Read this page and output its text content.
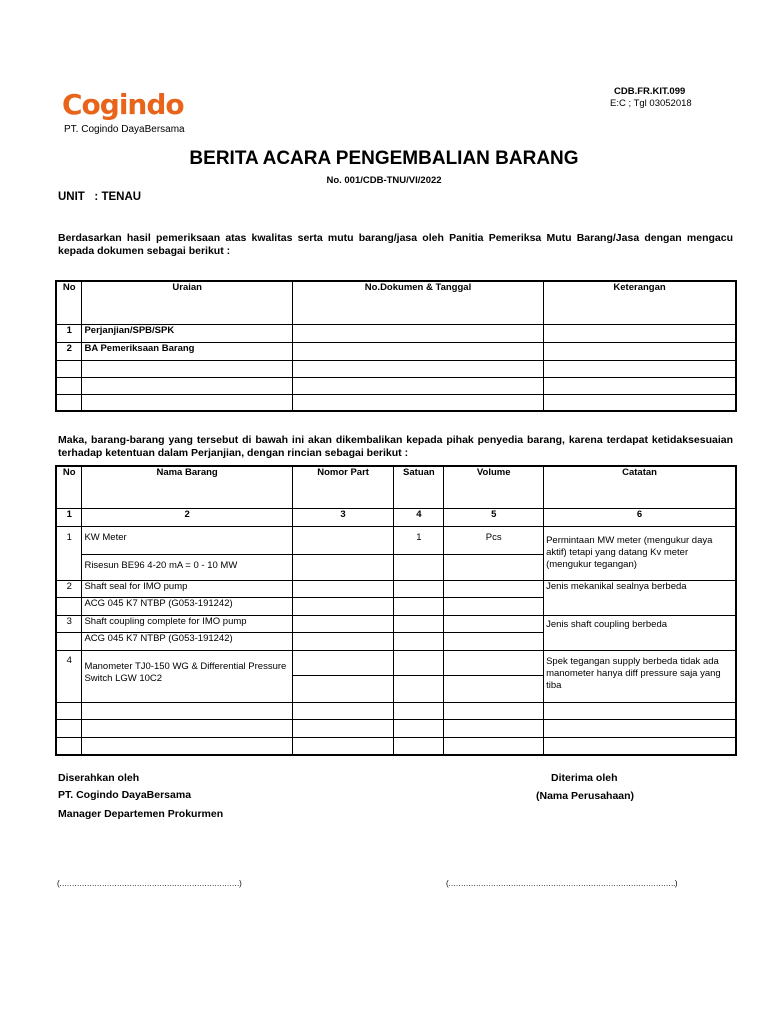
Cogindo
PT. Cogindo DayaBersama
CDB.FR.KIT.099
E:C ; Tgl 03052018
BERITA ACARA PENGEMBALIAN BARANG
No. 001/CDB-TNU/VI/2022
UNIT   : TENAU
Berdasarkan hasil pemeriksaan atas kwalitas serta mutu barang/jasa oleh Panitia Pemeriksa Mutu Barang/Jasa dengan mengacu kepada dokumen sebagai berikut :
No	Uraian	No.Dokumen & Tanggal	Keterangan
1	Perjanjian/SPB/SPK		
2	BA Pemeriksaan Barang		

Maka, barang-barang yang tersebut di bawah ini akan dikembalikan kepada pihak penyedia barang, karena terdapat ketidaksesuaian terhadap ketentuan dalam Perjanjian, dengan rincian sebagai berikut :
No	Nama Barang	Nomor Part	Satuan	Volume	Catatan
1	2	3	4	5	6
1	KW Meter		1	Pcs	Permintaan MW meter (mengukur daya aktif) tetapi yang datang Kv meter (mengukur tegangan)
	Risesun BE96 4-20 mA = 0 - 10 MW				
2	Shaft seal for IMO pump				Jenis mekanikal sealnya berbeda
	ACG 045 K7 NTBP (G053-191242)				
3	Shaft coupling complete for IMO pump				Jenis shaft coupling berbeda
	ACG 045 K7 NTBP (G053-191242)				
4	Manometer TJ0-150 WG & Differential Pressure Switch LGW 10C2				Spek tegangan supply berbeda tidak ada manometer hanya diff pressure saja yang tiba

Diserahkan oleh
PT. Cogindo DayaBersama
Manager Departemen Prokurmen
Diterima oleh
(Nama Perusahaan)
(………………………………………………………………)	(……………………………………………………………………………….)
